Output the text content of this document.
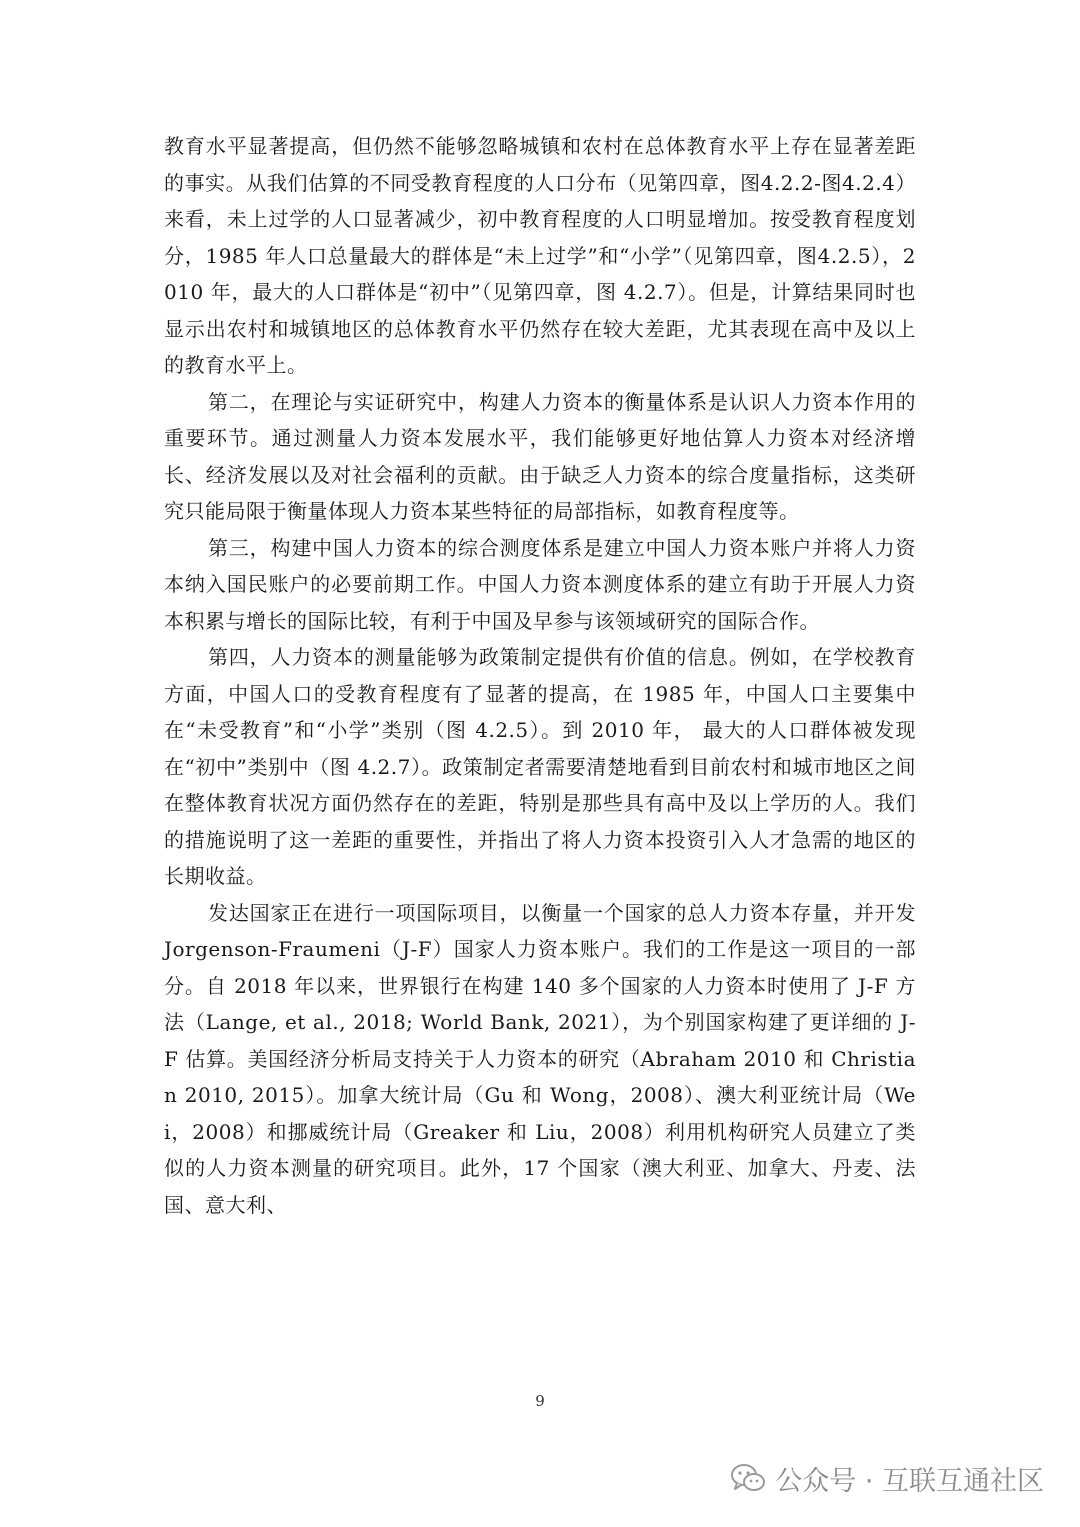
教育水平显著提高，但仍然不能够忽略城镇和农村在总体教育水平上存在显著差距的事实。从我们估算的不同受教育程度的人口分布（见第四章，图4.2.2-图4.2.4）来看，未上过学的人口显著减少，初中教育程度的人口明显增加。按受教育程度划分，1985 年人口总量最大的群体是“未上过学”和“小学”（见第四章，图4.2.5），2010 年，最大的人口群体是“初中”（见第四章，图 4.2.7）。但是，计算结果同时也显示出农村和城镇地区的总体教育水平仍然存在较大差距，尤其表现在高中及以上的教育水平上。

第二，在理论与实证研究中，构建人力资本的衡量体系是认识人力资本作用的重要环节。通过测量人力资本发展水平，我们能够更好地估算人力资本对经济增长、经济发展以及对社会福利的贡献。由于缺乏人力资本的综合度量指标，这类研究只能局限于衡量体现人力资本某些特征的局部指标，如教育程度等。

第三，构建中国人力资本的综合测度体系是建立中国人力资本账户并将人力资本纳入国民账户的必要前期工作。中国人力资本测度体系的建立有助于开展人力资本积累与增长的国际比较，有利于中国及早参与该领域研究的国际合作。

第四，人力资本的测量能够为政策制定提供有价值的信息。例如，在学校教育方面，中国人口的受教育程度有了显著的提高，在 1985 年，中国人口主要集中在“未受教育”和“小学”类别（图 4.2.5）。到 2010 年， 最大的人口群体被发现在“初中”类别中（图 4.2.7）。政策制定者需要清楚地看到目前农村和城市地区之间在整体教育状况方面仍然存在的差距，特别是那些具有高中及以上学历的人。我们的措施说明了这一差距的重要性，并指出了将人力资本投资引入人才急需的地区的长期收益。

发达国家正在进行一项国际项目，以衡量一个国家的总人力资本存量，并开发 Jorgenson-Fraumeni（J-F）国家人力资本账户。我们的工作是这一项目的一部分。自 2018 年以来，世界银行在构建 140 多个国家的人力资本时使用了 J-F 方法（Lange, et al., 2018; World Bank, 2021），为个别国家构建了更详细的 J-F 估算。美国经济分析局支持关于人力资本的研究（Abraham 2010 和 Christian 2010, 2015）。加拿大统计局（Gu 和 Wong，2008）、澳大利亚统计局（Wei，2008）和挪威统计局（Greaker 和 Liu，2008）利用机构研究人员建立了类似的人力资本测量的研究项目。此外，17 个国家（澳大利亚、加拿大、丹麦、法国、意大利、

9
公众号 · 互联互通社区
